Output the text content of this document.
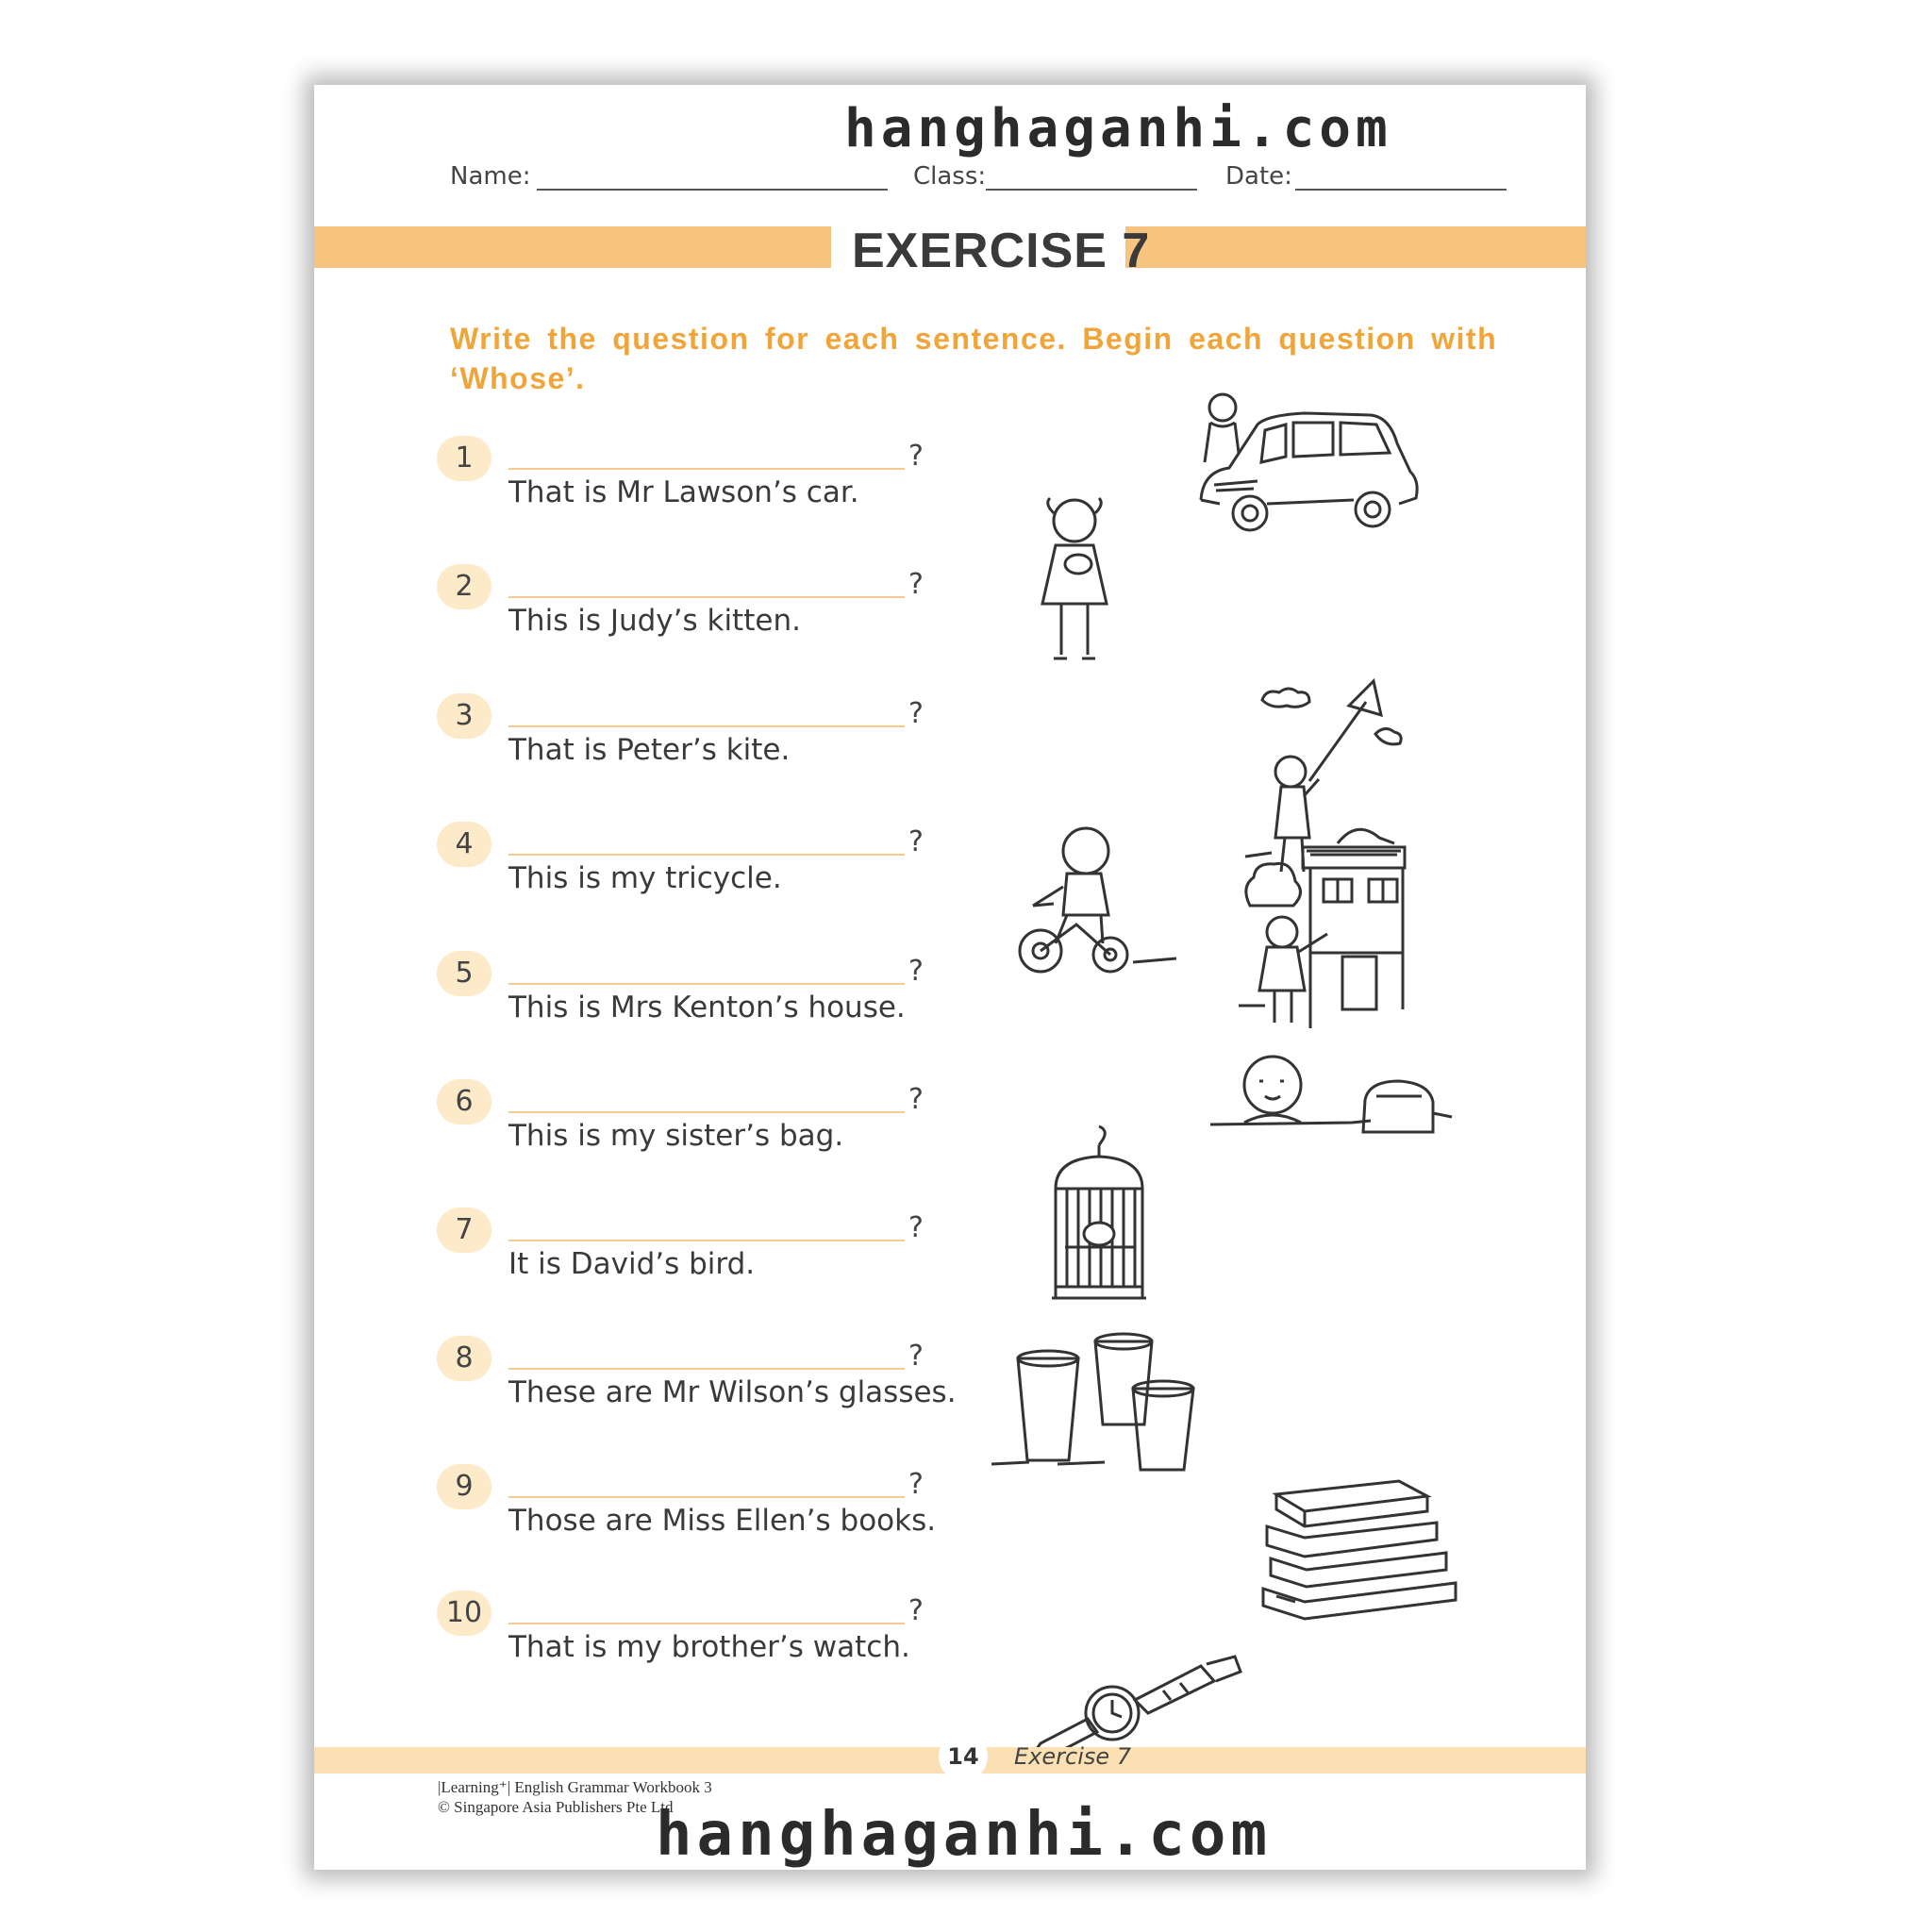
hanghaganhi.com
Name:	Class:	Date:
EXERCISE 7
Write the question for each sentence. Begin each question with
‘Whose’.
1	?
That is Mr Lawson’s car.
2	?
This is Judy’s kitten.
3	?
That is Peter’s kite.
4	?
This is my tricycle.
5	?
This is Mrs Kenton’s house.
6	?
This is my sister’s bag.
7	?
It is David’s bird.
8	?
These are Mr Wilson’s glasses.
9	?
Those are Miss Ellen’s books.
10	?
That is my brother’s watch.
14	Exercise 7
|Learning⁺| English Grammar Workbook 3
© Singapore Asia Publishers Pte Ltd
hanghaganhi.com
